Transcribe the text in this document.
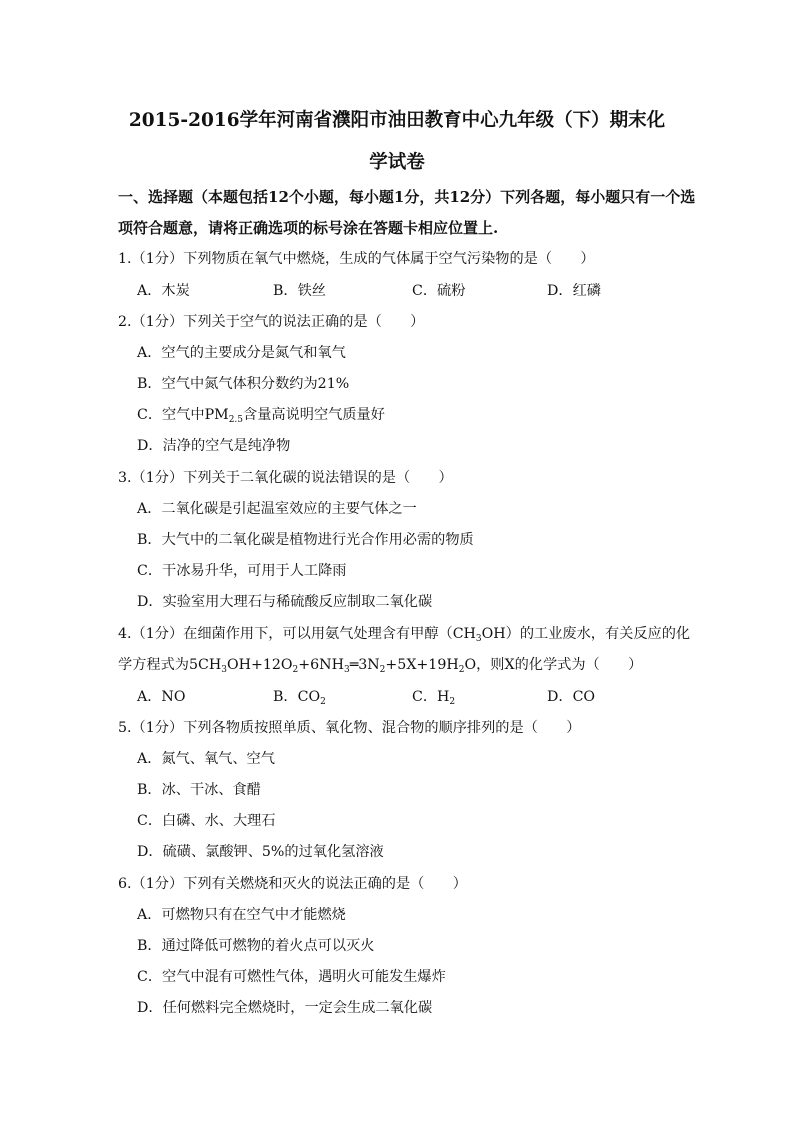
2015-2016学年河南省濮阳市油田教育中心九年级（下）期末化
学试卷
一、选择题（本题包括12个小题，每小题1分，共12分）下列各题，每小题只有一个选
项符合题意，请将正确选项的标号涂在答题卡相应位置上.
1.（1分）下列物质在氧气中燃烧，生成的气体属于空气污染物的是（　　）
A．木炭	B．铁丝	C．硫粉	D．红磷
2.（1分）下列关于空气的说法正确的是（　　）
A．空气的主要成分是氮气和氧气
B．空气中氮气体积分数约为21%
C．空气中$PM_{2.5}$含量高说明空气质量好
D．洁净的空气是纯净物
3.（1分）下列关于二氧化碳的说法错误的是（　　）
A．二氧化碳是引起温室效应的主要气体之一
B．大气中的二氧化碳是植物进行光合作用必需的物质
C．干冰易升华，可用于人工降雨
D．实验室用大理石与稀硫酸反应制取二氧化碳
4.（1分）在细菌作用下，可以用氨气处理含有甲醇$(CH_3OH)$的工业废水，有关反应的化
学方程式为$5CH_3OH+12O_2+6NH_3═3N_2+5X+19H_2O$，则X的化学式为（　　）
A．NO	B．$CO_2$	C．$H_2$	D．CO
5.（1分）下列各物质按照单质、氧化物、混合物的顺序排列的是（　　）
A．氮气、氧气、空气
B．冰、干冰、食醋
C．白磷、水、大理石
D．硫磺、氯酸钾、5%的过氧化氢溶液
6.（1分）下列有关燃烧和灭火的说法正确的是（　　）
A．可燃物只有在空气中才能燃烧
B．通过降低可燃物的着火点可以灭火
C．空气中混有可燃性气体，遇明火可能发生爆炸
D．任何燃料完全燃烧时，一定会生成二氧化碳
